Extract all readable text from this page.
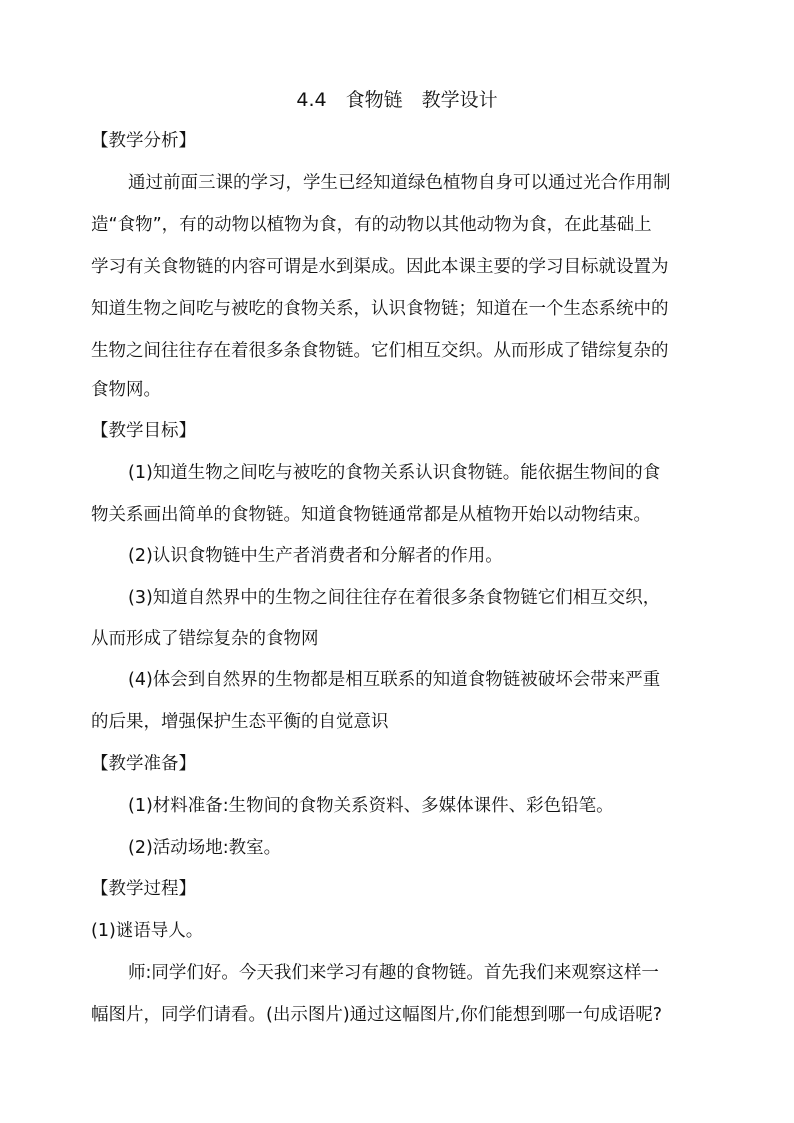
4.4　食物链　教学设计
【教学分析】
通过前面三课的学习，学生已经知道绿色植物自身可以通过光合作用制
造“食物”，有的动物以植物为食，有的动物以其他动物为食，在此基础上
学习有关食物链的内容可谓是水到渠成。因此本课主要的学习目标就设置为
知道生物之间吃与被吃的食物关系，认识食物链；知道在一个生态系统中的
生物之间往往存在着很多条食物链。它们相互交织。从而形成了错综复杂的
食物网。
【教学目标】
(1)知道生物之间吃与被吃的食物关系认识食物链。能依据生物间的食
物关系画出简单的食物链。知道食物链通常都是从植物开始以动物结束。
(2)认识食物链中生产者消费者和分解者的作用。
(3)知道自然界中的生物之间往往存在着很多条食物链它们相互交织，
从而形成了错综复杂的食物网
(4)体会到自然界的生物都是相互联系的知道食物链被破坏会带来严重
的后果，增强保护生态平衡的自觉意识
【教学准备】
(1)材料准备:生物间的食物关系资料、多媒体课件、彩色铅笔。
(2)活动场地:教室。
【教学过程】
(1)谜语导人。
师:同学们好。今天我们来学习有趣的食物链。首先我们来观察这样一
幅图片，同学们请看。(出示图片)通过这幅图片,你们能想到哪一句成语呢?
